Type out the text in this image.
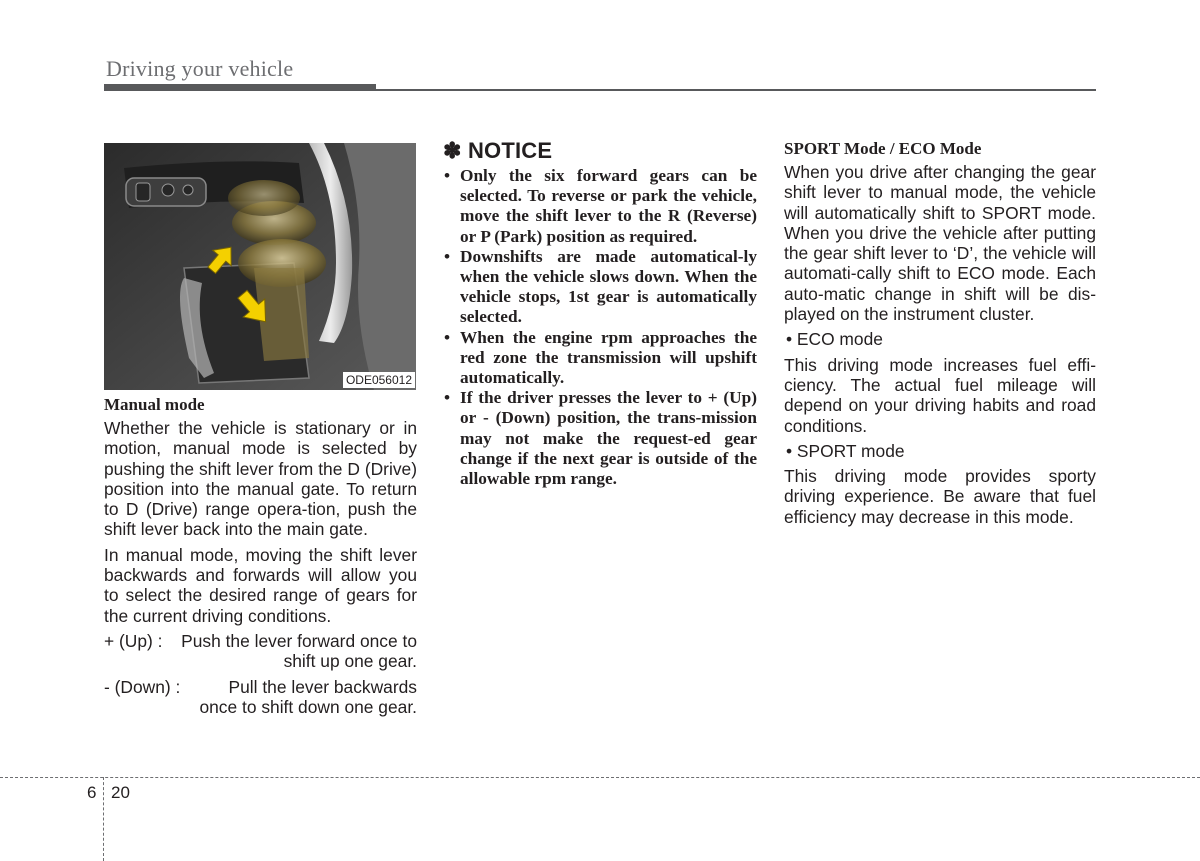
Driving your vehicle
ODE056012
Manual mode

Whether the vehicle is stationary or in motion, manual mode is selected by pushing the shift lever from the D (Drive) position into the manual gate. To return to D (Drive) range opera-tion, push the shift lever back into the main gate.

In manual mode, moving the shift lever backwards and forwards will allow you to select the desired range of gears for the current driving conditions.

+ (Up) :	Push the lever forward once to shift up one gear.
- (Down) :	Pull the lever backwards once to shift down one gear.
✽ NOTICE
• Only the six forward gears can be selected. To reverse or park the vehicle, move the shift lever to the R (Reverse) or P (Park) position as required.
• Downshifts are made automatical-ly when the vehicle slows down. When the vehicle stops, 1st gear is automatically selected.
• When the engine rpm approaches the red zone the transmission will upshift automatically.
• If the driver presses the lever to + (Up) or - (Down) position, the trans-mission may not make the request-ed gear change if the next gear is outside of the allowable rpm range.
SPORT Mode / ECO Mode

When you drive after changing the gear shift lever to manual mode, the vehicle will automatically shift to SPORT mode. When you drive the vehicle after putting the gear shift lever to ‘D’, the vehicle will automati-cally shift to ECO mode. Each auto-matic change in shift will be dis-played on the instrument cluster.

• ECO mode

This driving mode increases fuel effi-ciency. The actual fuel mileage will depend on your driving habits and road conditions.

• SPORT mode

This driving mode provides sporty driving experience. Be aware that fuel efficiency may decrease in this mode.

6 20
